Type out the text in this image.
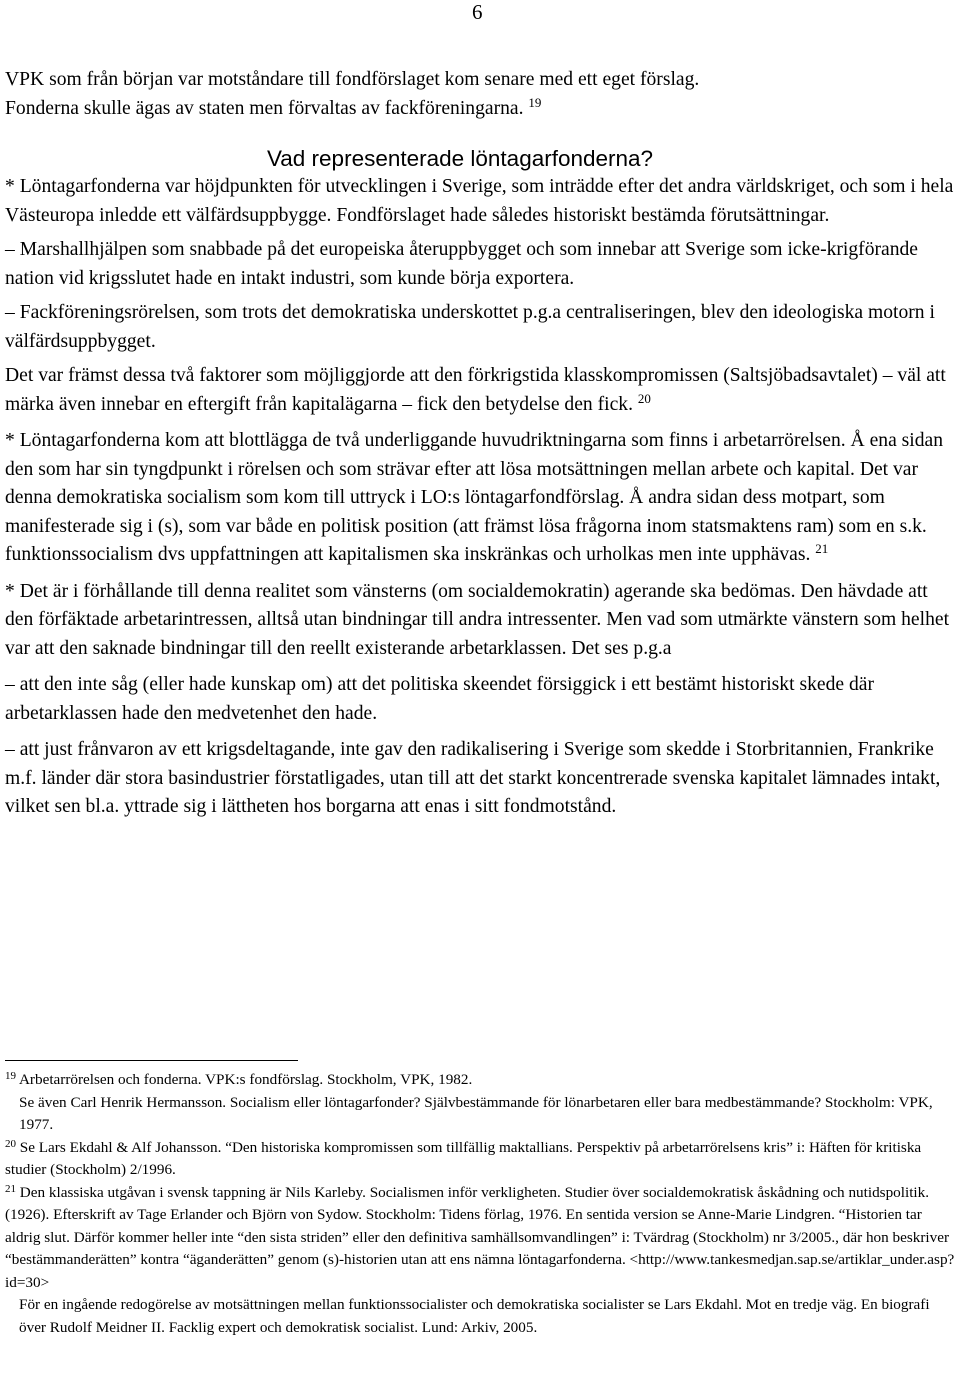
6

VPK som från början var motståndare till fondförslaget kom senare med ett eget förslag.
Fonderna skulle ägas av staten men förvaltas av fackföreningarna. $^{19}$

Vad representerade löntagarfonderna?

* Löntagarfonderna var höjdpunkten för utvecklingen i Sverige, som inträdde efter det andra världskriget, och som i hela Västeuropa inledde ett välfärdsuppbygge. Fondförslaget hade således historiskt bestämda förutsättningar.

– Marshallhjälpen som snabbade på det europeiska återuppbygget och som innebar att Sverige som icke-krigförande nation vid krigsslutet hade en intakt industri, som kunde börja exportera.

– Fackföreningsrörelsen, som trots det demokratiska underskottet p.g.a centraliseringen, blev den ideologiska motorn i välfärdsuppbygget.

Det var främst dessa två faktorer som möjliggjorde att den förkrigstida klasskompromissen (Saltsjöbadsavtalet) – väl att märka även innebar en eftergift från kapitalägarna – fick den betydelse den fick. $^{20}$

* Löntagarfonderna kom att blottlägga de två underliggande huvudriktningarna som finns i arbetarrörelsen. Å ena sidan den som har sin tyngdpunkt i rörelsen och som strävar efter att lösa motsättningen mellan arbete och kapital. Det var denna demokratiska socialism som kom till uttryck i LO:s löntagarfondförslag. Å andra sidan dess motpart, som manifesterade sig i (s), som var både en politisk position (att främst lösa frågorna inom statsmaktens ram) som en s.k. funktionssocialism dvs uppfattningen att kapitalismen ska inskränkas och urholkas men inte upphävas. $^{21}$

* Det är i förhållande till denna realitet som vänsterns (om socialdemokratin) agerande ska bedömas. Den hävdade att den förfäktade arbetarintressen, alltså utan bindningar till andra intressenter. Men vad som utmärkte vänstern som helhet var att den saknade bindningar till den reellt existerande arbetarklassen. Det ses p.g.a

– att den inte såg (eller hade kunskap om) att det politiska skeendet försiggick i ett bestämt historiskt skede där arbetarklassen hade den medvetenhet den hade.

– att just frånvaron av ett krigsdeltagande, inte gav den radikalisering i Sverige som skedde i Storbritannien, Frankrike m.f. länder där stora basindustrier förstatligades, utan till att det starkt koncentrerade svenska kapitalet lämnades intakt, vilket sen bl.a. yttrade sig i lättheten hos borgarna att enas i sitt fondmotstånd.

$^{19}$ Arbetarrörelsen och fonderna. VPK:s fondförslag. Stockholm, VPK, 1982.

Se även Carl Henrik Hermansson. Socialism eller löntagarfonder? Självbestämmande för lönarbetaren eller bara medbestämmande? Stockholm: VPK, 1977.

$^{20}$ Se Lars Ekdahl & Alf Johansson. “Den historiska kompromissen som tillfällig maktallians. Perspektiv på arbetarrörelsens kris” i: Häften för kritiska studier (Stockholm) 2/1996.

$^{21}$ Den klassiska utgåvan i svensk tappning är Nils Karleby. Socialismen inför verkligheten. Studier över socialdemokratisk åskådning och nutidspolitik. (1926). Efterskrift av Tage Erlander och Björn von Sydow. Stockholm: Tidens förlag, 1976. En sentida version se Anne-Marie Lindgren. “Historien tar aldrig slut. Därför kommer heller inte “den sista striden” eller den definitiva samhällsomvandlingen” i: Tvärdrag (Stockholm) nr 3/2005., där hon beskriver “bestämmanderätten” kontra “äganderätten” genom (s)-historien utan att ens nämna löntagarfonderna. <http://www.tankesmedjan.sap.se/artiklar_under.asp?id=30>

För en ingående redogörelse av motsättningen mellan funktionssocialister och demokratiska socialister se Lars Ekdahl. Mot en tredje väg. En biografi över Rudolf Meidner II. Facklig expert och demokratisk socialist. Lund: Arkiv, 2005.
